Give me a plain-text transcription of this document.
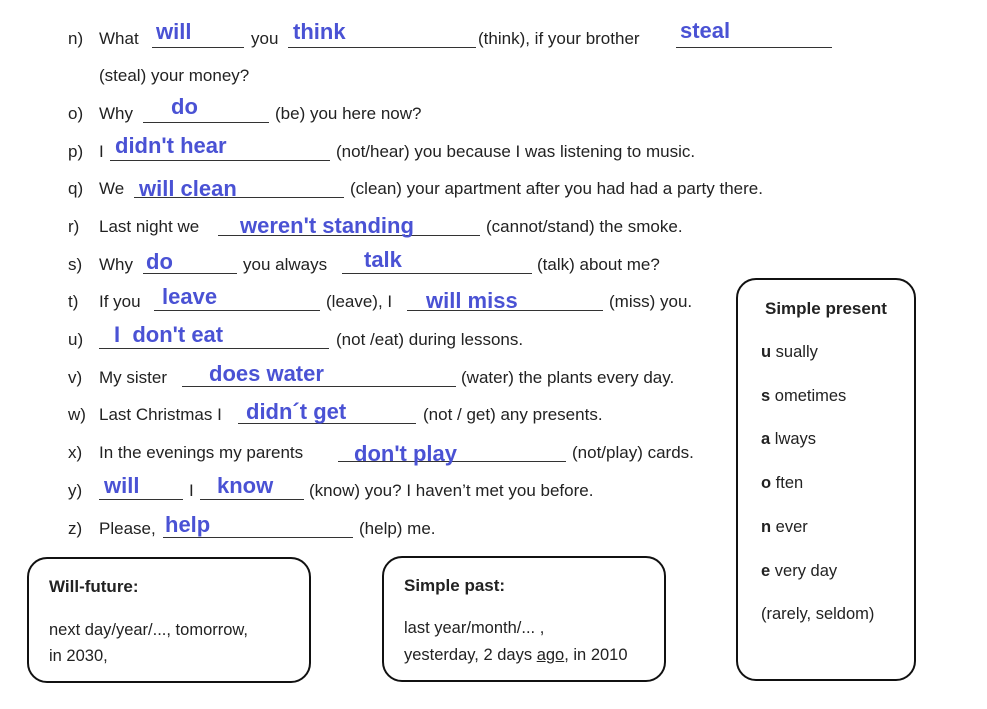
n) What will	you think	(think), if your brother steal
(steal) your money?
o) Why do	(be) you here now?
p) I didn't hear	(not/hear) you because I was listening to music.
q) We will clean	(clean) your apartment after you had had a party there.
r) Last night we weren't standing	(cannot/stand) the smoke.
s) Why do	you always talk	(talk) about me?
t) If you leave	(leave), I will miss	(miss) you.
u) I  don't eat	(not /eat) during lessons.
v) My sister does water	(water) the plants every day.
w) Last Christmas I didn´t get	(not / get) any presents.
x) In the evenings my parents don't play	(not/play) cards.
y) will	I know (know) you? I haven’t met you before.
z) Please, help	(help) me.
Will-future:
next day/year/..., tomorrow,
in 2030,
Simple past:
last year/month/... ,
yesterday, 2 days ago, in 2010
Simple present
u sually
s ometimes
a lways
o ften
n ever
e very day
(rarely, seldom)
